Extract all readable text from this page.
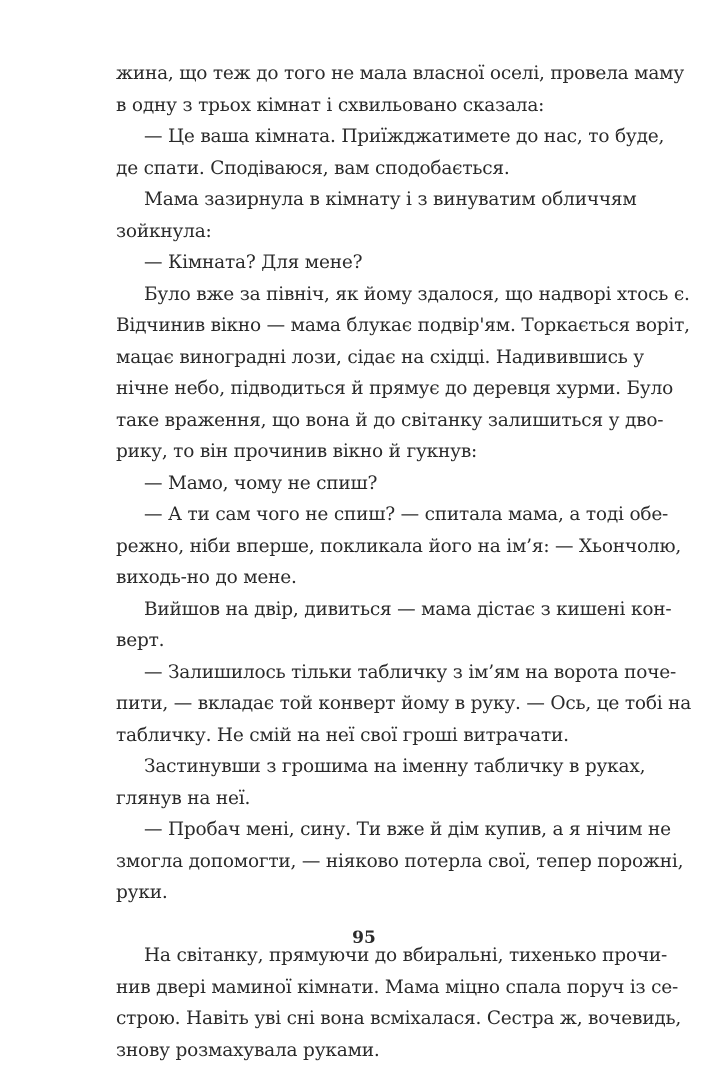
жина, що теж до того не мала власної оселі, провела маму
в одну з трьох кімнат і схвильовано сказала:
— Це ваша кімната. Приїжджатимете до нас, то буде,
де спати. Сподіваюся, вам сподобається.
Мама зазирнула в кімнату і з винуватим обличчям
зойкнула:
— Кімната? Для мене?
Було вже за північ, як йому здалося, що надворі хтось є.
Відчинив вікно — мама блукає подвір'ям. Торкається воріт,
мацає виноградні лози, сідає на східці. Надивившись у
нічне небо, підводиться й прямує до деревця хурми. Було
таке враження, що вона й до світанку залишиться у дво-
рику, то він прочинив вікно й гукнув:
— Мамо, чому не спиш?
— А ти сам чого не спиш? — спитала мама, а тоді обе-
режно, ніби вперше, покликала його на ім’я: — Хьончолю,
виходь-но до мене.
Вийшов на двір, дивиться — мама дістає з кишені кон-
верт.
— Залишилось тільки табличку з ім’ям на ворота поче-
пити, — вкладає той конверт йому в руку. — Ось, це тобі на
табличку. Не смій на неї свої гроші витрачати.
Застинувши з грошима на іменну табличку в руках,
глянув на неї.
— Пробач мені, сину. Ти вже й дім купив, а я нічим не
змогла допомогти, — ніяково потерла свої, тепер порожні,
руки.
На світанку, прямуючи до вбиральні, тихенько прочи-
нив двері маминої кімнати. Мама міцно спала поруч із се-
строю. Навіть уві сні вона всміхалася. Сестра ж, вочевидь,
знову розмахувала руками.
95
